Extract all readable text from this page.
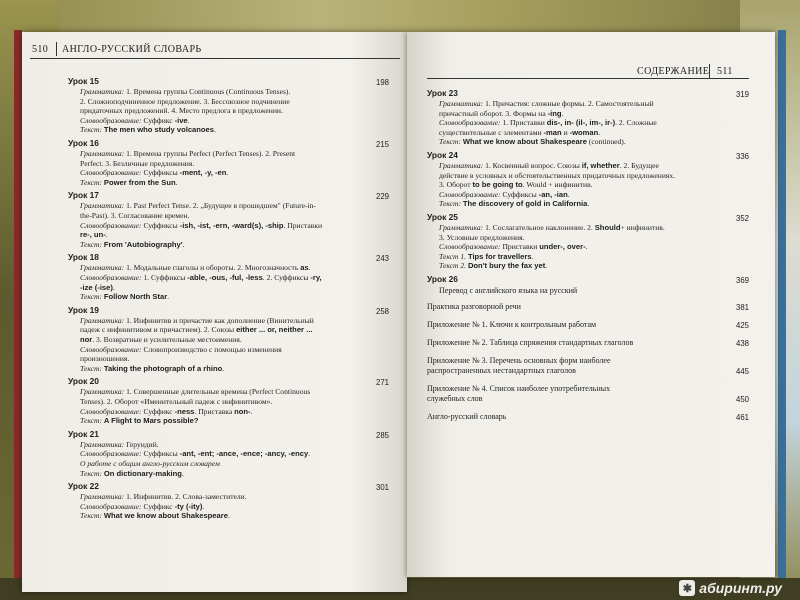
510 АНГЛО-РУССКИЙ СЛОВАРЬ
Урок 15	198
Грамматика: 1. Времена группы Continuous (Continuous Tenses).
2. Сложноподчиненное предложение. 3. Бессоюзное подчинение
придаточных предложений. 4. Место предлога в предложении.
Словообразование: Суффикс -ive.
Текст: The men who study volcanoes.
Урок 16	215
Грамматика: 1. Времена группы Perfect (Perfect Tenses). 2. Present
Perfect. 3. Безличные предложения.
Словообразование: Суффиксы -ment, -y, -en.
Текст: Power from the Sun.
Урок 17	229
Грамматика: 1. Past Perfect Tense. 2. „Будущее в прошедшем" (Future-in-
the-Past). 3. Согласование времен.
Словообразование: Суффиксы -ish, -ist, -ern, -ward(s), -ship. Приставки
re-, un-.
Текст: From 'Autobiography'.
Урок 18	243
Грамматика: 1. Модальные глаголы и обороты. 2. Многозначность as.
Словообразование: 1. Суффиксы -able, -ous, -ful, -less. 2. Суффиксы -ry,
-ize (-ise).
Текст: Follow North Star.
Урок 19	258
Грамматика: 1. Инфинитив и причастие как дополнение (Винительный
падеж с инфинитивом и причастием). 2. Союзы either ... or, neither ...
nor. 3. Возвратные и усилительные местоимения.
Словообразование: Словопроизводство с помощью изменения
произношения.
Текст: Taking the photograph of a rhino.
Урок 20	271
Грамматика: 1. Совершенные длительные времена (Perfect Continuous
Tenses). 2. Оборот «Именительный падеж с инфинитивом».
Словообразование: Суффикс -ness. Приставка non-.
Текст: A Flight to Mars possible?
Урок 21	285
Грамматика: Герундий.
Словообразование: Суффиксы -ant, -ent; -ance, -ence; -ancy, -ency.
О работе с общим англо-русским словарем
Текст: On dictionary-making.
Урок 22	301
Грамматика: 1. Инфинитив. 2. Слова-заместители.
Словообразование: Суффикс -ty (-ity).
Текст: What we know about Shakespeare.
СОДЕРЖАНИЕ 511
Урок 23	319
Грамматика: 1. Причастия: сложные формы. 2. Самостоятельный
причастный оборот. 3. Формы на -ing.
Словообразование: 1. Приставки dis-, in- (il-, im-, ir-). 2. Сложные
существительные с элементами -man и -woman.
Текст: What we know about Shakespeare (continued).
Урок 24	336
Грамматика: 1. Косвенный вопрос. Союзы if, whether. 2. Будущее
действие в условных и обстоятельственных придаточных предложениях.
3. Оборот to be going to. Would + инфинитив.
Словообразование: Суффиксы -an, -ian.
Текст: The discovery of gold in California.
Урок 25	352
Грамматика: 1. Сослагательное наклонение. 2. Should+ инфинитив.
3. Условные предложения.
Словообразование: Приставки under-, over-.
Текст 1. Tips for travellers.
Текст 2. Don't bury the fax yet.
Урок 26	369
Перевод с английского языка на русский
Практика разговорной речи	381
Приложение № 1. Ключи к контрольным работам	425
Приложение № 2. Таблица спряжения стандартных глаголов	438
Приложение № 3. Перечень основных форм наиболее
распространенных нестандартных глаголов	445
Приложение № 4. Список наиболее употребительных
служебных слов	450
Англо-русский словарь	461
✱ абиринт.ру
